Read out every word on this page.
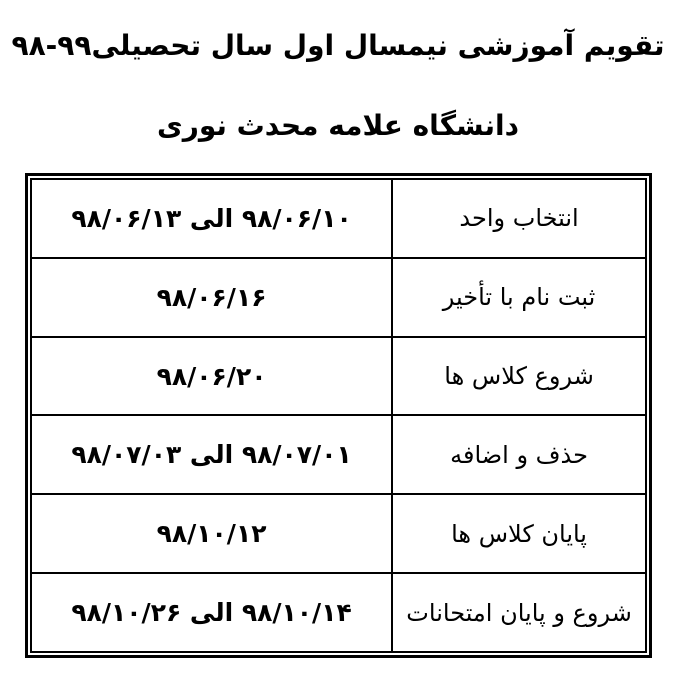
تقویم آموزشی نیمسال اول سال تحصیلی۹۹-۹۸
دانشگاه علامه محدث نوری
انتخاب واحد	۹۸/۰۶/۱۰ الی ۹۸/۰۶/۱۳
ثبت نام با تأخیر	۹۸/۰۶/۱۶
شروع کلاس ها	۹۸/۰۶/۲۰
حذف و اضافه	۹۸/۰۷/۰۱ الی ۹۸/۰۷/۰۳
پایان کلاس ها	۹۸/۱۰/۱۲
شروع و پایان امتحانات	۹۸/۱۰/۱۴ الی ۹۸/۱۰/۲۶
